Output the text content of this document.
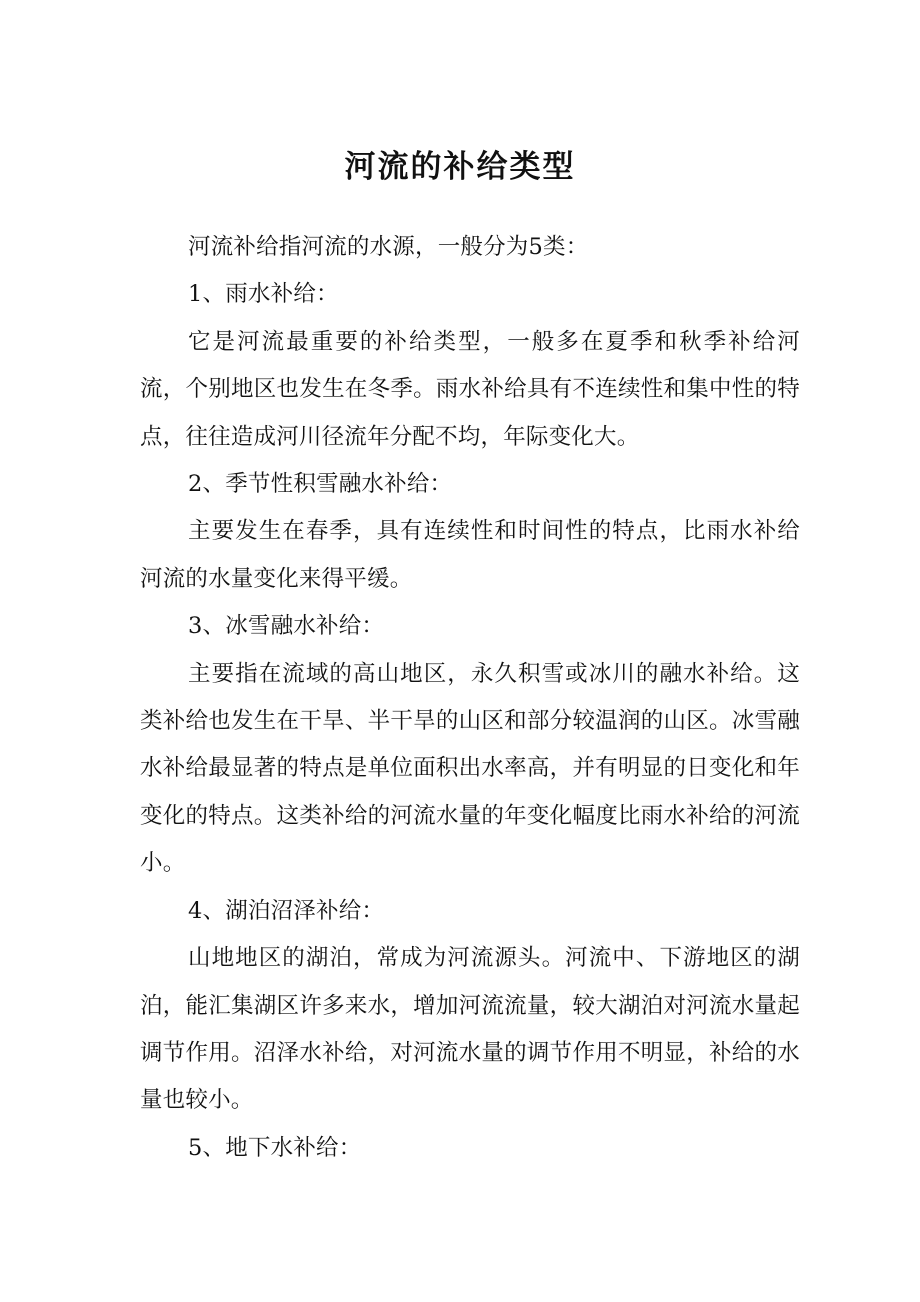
河流的补给类型

河流补给指河流的水源，一般分为5类：

1、雨水补给：

它是河流最重要的补给类型，一般多在夏季和秋季补给河流，个别地区也发生在冬季。雨水补给具有不连续性和集中性的特点，往往造成河川径流年分配不均，年际变化大。

2、季节性积雪融水补给：

主要发生在春季，具有连续性和时间性的特点，比雨水补给河流的水量变化来得平缓。

3、冰雪融水补给：

主要指在流域的高山地区，永久积雪或冰川的融水补给。这类补给也发生在干旱、半干旱的山区和部分较温润的山区。冰雪融水补给最显著的特点是单位面积出水率高，并有明显的日变化和年变化的特点。这类补给的河流水量的年变化幅度比雨水补给的河流小。

4、湖泊沼泽补给：

山地地区的湖泊，常成为河流源头。河流中、下游地区的湖泊，能汇集湖区许多来水，增加河流流量，较大湖泊对河流水量起调节作用。沼泽水补给，对河流水量的调节作用不明显，补给的水量也较小。

5、地下水补给：
